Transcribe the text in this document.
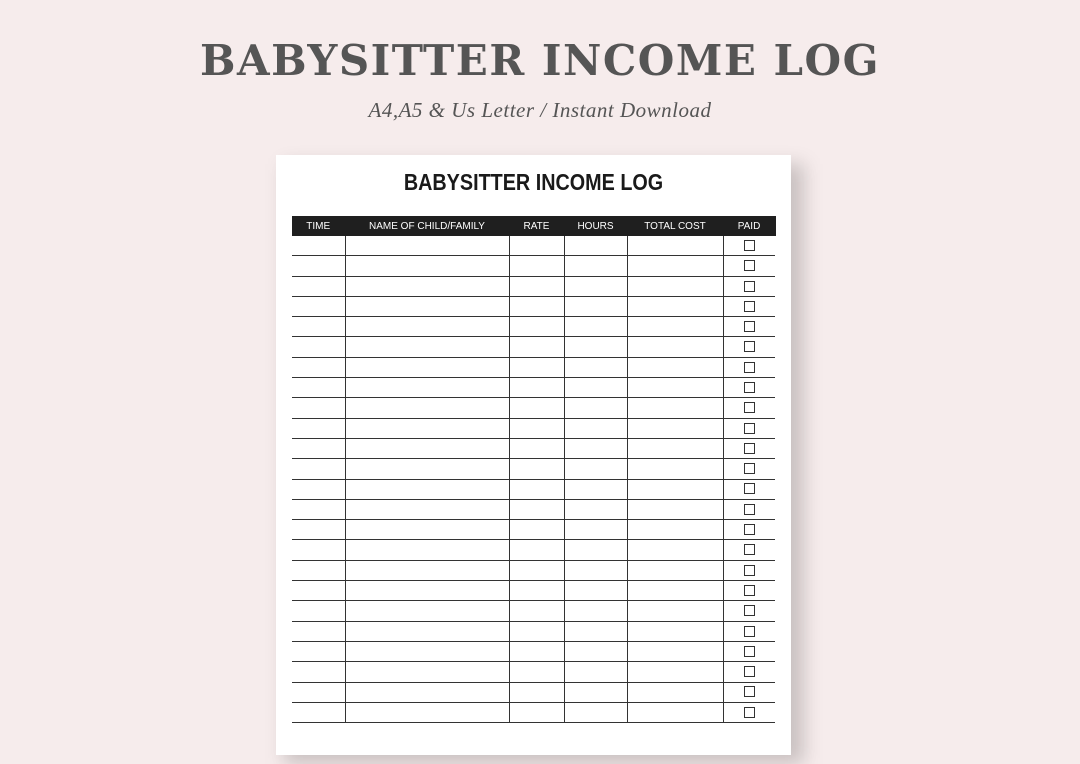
BABYSITTER INCOME LOG

A4,A5 & Us Letter / Instant Download

BABYSITTER INCOME LOG
TIME	NAME OF CHILD/FAMILY	RATE	HOURS	TOTAL COST	PAID
